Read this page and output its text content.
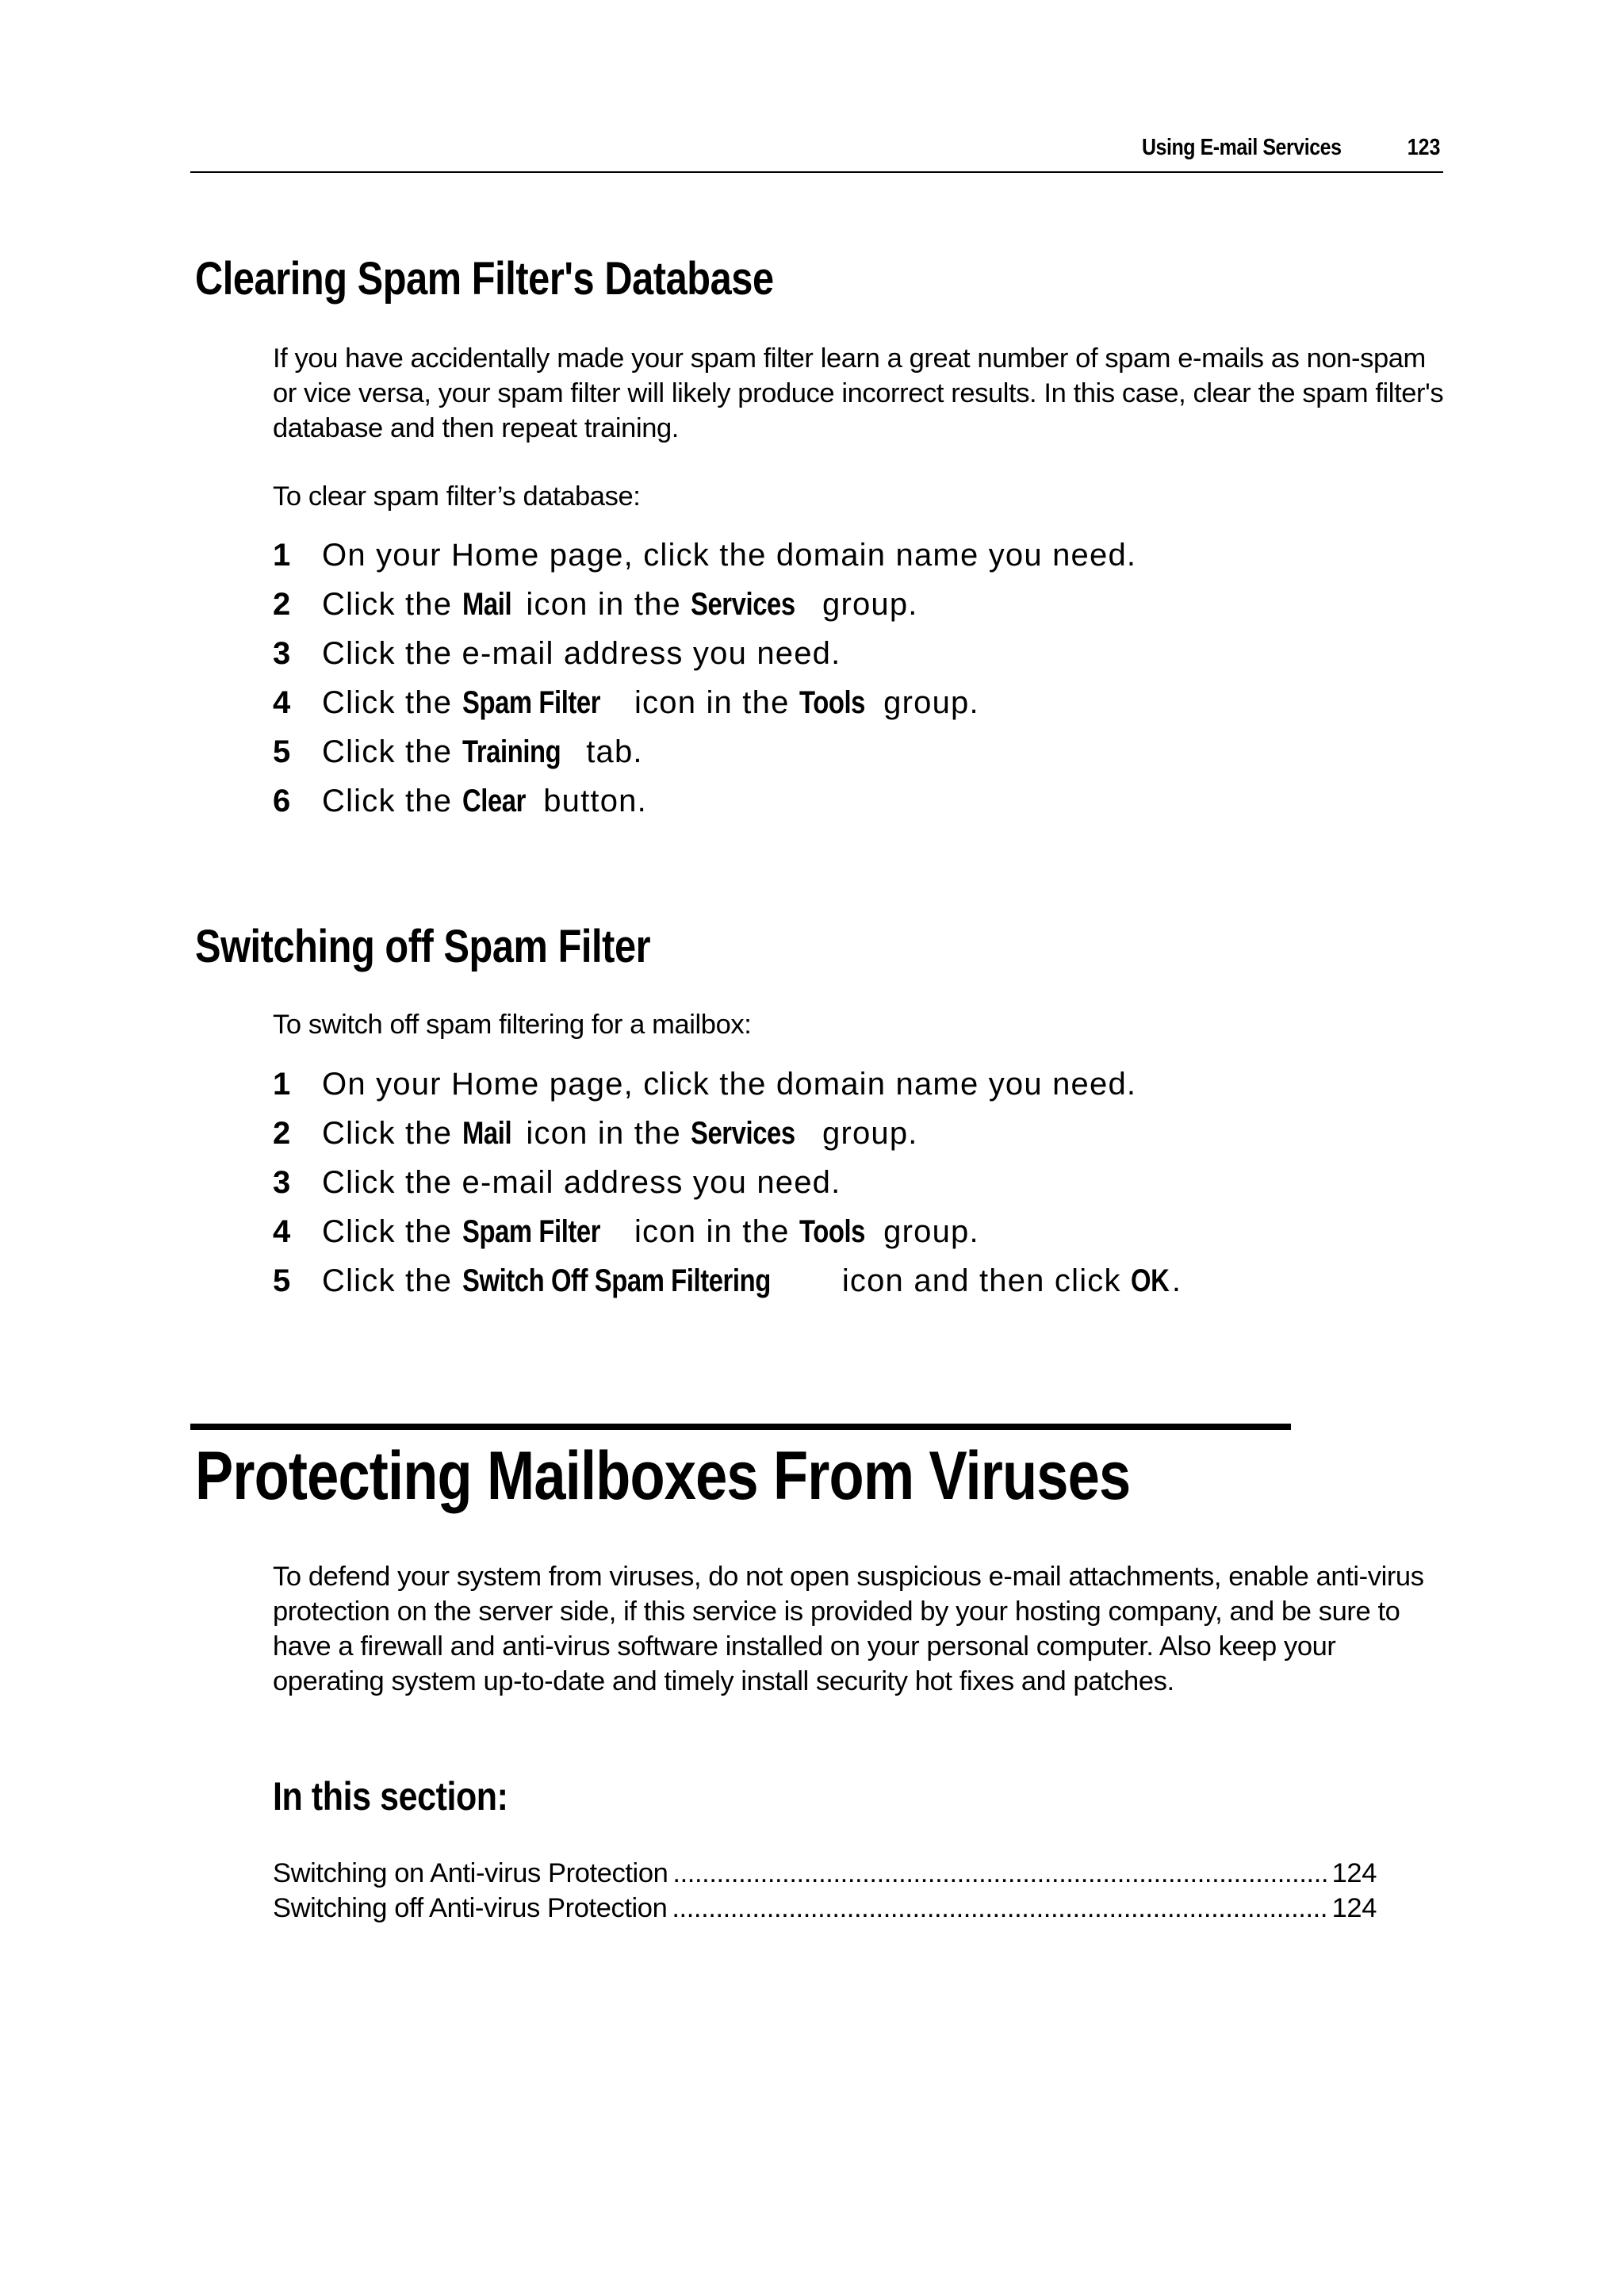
Using E-mail Services	123
Clearing Spam Filter's Database
If you have accidentally made your spam filter learn a great number of spam e-mails as non-spam or vice versa, your spam filter will likely produce incorrect results. In this case, clear the spam filter's database and then repeat training.
To clear spam filter’s database:
1 On your Home page, click the domain name you need.
2 Click the Mail icon in the Services group.
3 Click the e-mail address you need.
4 Click the Spam Filter icon in the Tools group.
5 Click the Training tab.
6 Click the Clear button.
Switching off Spam Filter
To switch off spam filtering for a mailbox:
1 On your Home page, click the domain name you need.
2 Click the Mail icon in the Services group.
3 Click the e-mail address you need.
4 Click the Spam Filter icon in the Tools group.
5 Click the Switch Off Spam Filtering icon and then click OK.
Protecting Mailboxes From Viruses
To defend your system from viruses, do not open suspicious e-mail attachments, enable anti-virus protection on the server side, if this service is provided by your hosting company, and be sure to have a firewall and anti-virus software installed on your personal computer. Also keep your operating system up-to-date and timely install security hot fixes and patches.
In this section:
Switching on Anti-virus Protection .....	124
Switching off Anti-virus Protection .....	124
